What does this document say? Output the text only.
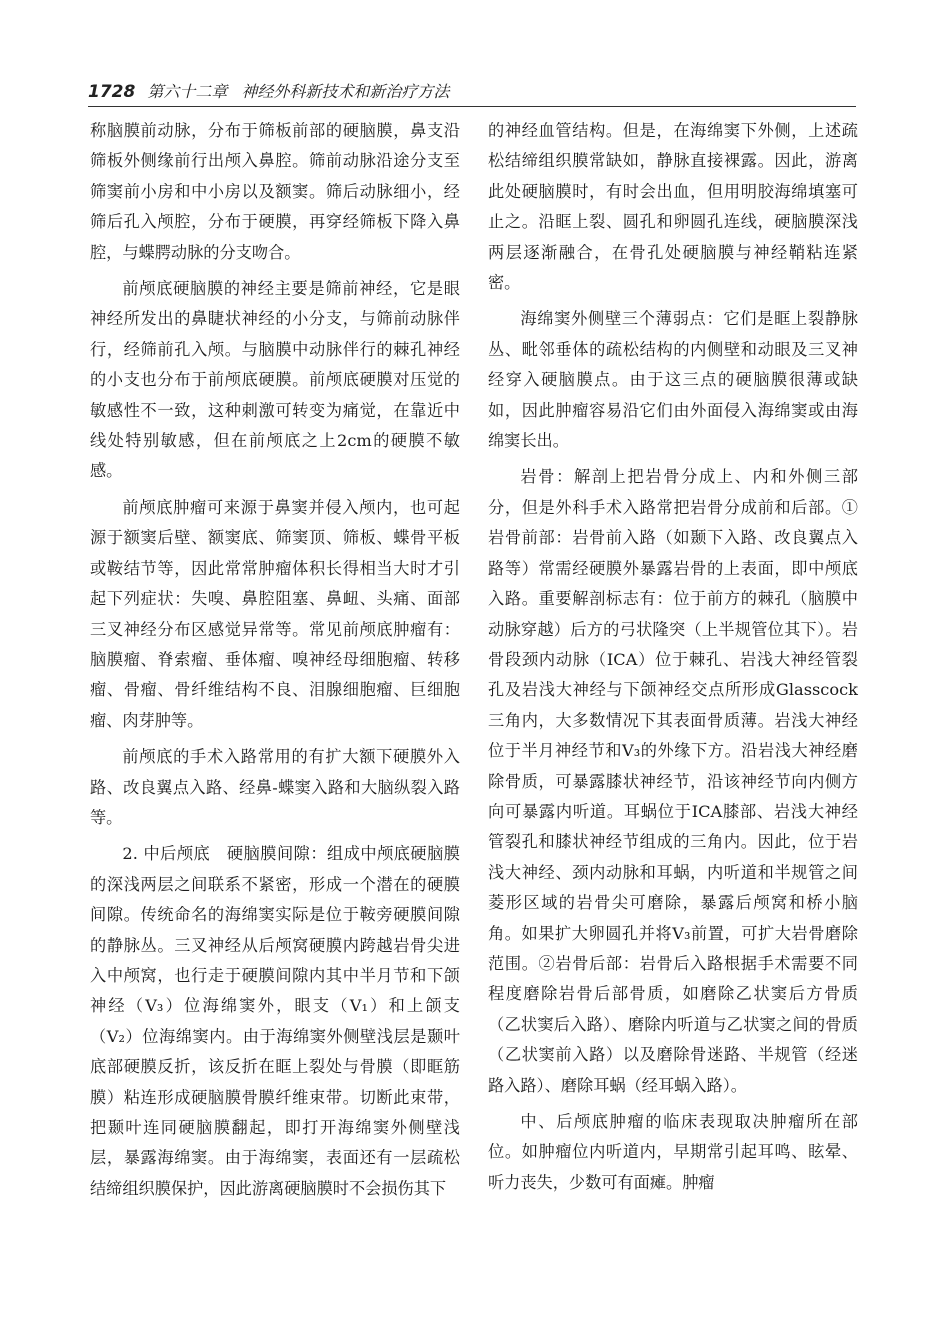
1728 第六十二章 神经外科新技术和新治疗方法

称脑膜前动脉，分布于筛板前部的硬脑膜，鼻支沿筛板外侧缘前行出颅入鼻腔。筛前动脉沿途分支至筛窦前小房和中小房以及额窦。筛后动脉细小，经筛后孔入颅腔，分布于硬膜，再穿经筛板下降入鼻腔，与蝶腭动脉的分支吻合。

前颅底硬脑膜的神经主要是筛前神经，它是眼神经所发出的鼻睫状神经的小分支，与筛前动脉伴行，经筛前孔入颅。与脑膜中动脉伴行的棘孔神经的小支也分布于前颅底硬膜。前颅底硬膜对压觉的敏感性不一致，这种刺激可转变为痛觉，在靠近中线处特别敏感，但在前颅底之上2cm的硬膜不敏感。

前颅底肿瘤可来源于鼻窦并侵入颅内，也可起源于额窦后壁、额窦底、筛窦顶、筛板、蝶骨平板或鞍结节等，因此常常肿瘤体积长得相当大时才引起下列症状：失嗅、鼻腔阻塞、鼻衄、头痛、面部三叉神经分布区感觉异常等。常见前颅底肿瘤有：脑膜瘤、脊索瘤、垂体瘤、嗅神经母细胞瘤、转移瘤、骨瘤、骨纤维结构不良、泪腺细胞瘤、巨细胞瘤、肉芽肿等。

前颅底的手术入路常用的有扩大额下硬膜外入路、改良翼点入路、经鼻-蝶窦入路和大脑纵裂入路等。

2. 中后颅底　硬脑膜间隙：组成中颅底硬脑膜的深浅两层之间联系不紧密，形成一个潜在的硬膜间隙。传统命名的海绵窦实际是位于鞍旁硬膜间隙的静脉丛。三叉神经从后颅窝硬膜内跨越岩骨尖进入中颅窝，也行走于硬膜间隙内其中半月节和下颌神经（V₃）位海绵窦外，眼支（V₁）和上颌支（V₂）位海绵窦内。由于海绵窦外侧壁浅层是颞叶底部硬膜反折，该反折在眶上裂处与骨膜（即眶筋膜）粘连形成硬脑膜骨膜纤维束带。切断此束带，把颞叶连同硬脑膜翻起，即打开海绵窦外侧壁浅层，暴露海绵窦。由于海绵窦，表面还有一层疏松结缔组织膜保护，因此游离硬脑膜时不会损伤其下

的神经血管结构。但是，在海绵窦下外侧，上述疏松结缔组织膜常缺如，静脉直接裸露。因此，游离此处硬脑膜时，有时会出血，但用明胶海绵填塞可止之。沿眶上裂、圆孔和卵圆孔连线，硬脑膜深浅两层逐渐融合，在骨孔处硬脑膜与神经鞘粘连紧密。

海绵窦外侧壁三个薄弱点：它们是眶上裂静脉丛、毗邻垂体的疏松结构的内侧壁和动眼及三叉神经穿入硬脑膜点。由于这三点的硬脑膜很薄或缺如，因此肿瘤容易沿它们由外面侵入海绵窦或由海绵窦长出。

岩骨：解剖上把岩骨分成上、内和外侧三部分，但是外科手术入路常把岩骨分成前和后部。①岩骨前部：岩骨前入路（如颞下入路、改良翼点入路等）常需经硬膜外暴露岩骨的上表面，即中颅底入路。重要解剖标志有：位于前方的棘孔（脑膜中动脉穿越）后方的弓状隆突（上半规管位其下）。岩骨段颈内动脉（ICA）位于棘孔、岩浅大神经管裂孔及岩浅大神经与下颌神经交点所形成Glasscock三角内，大多数情况下其表面骨质薄。岩浅大神经位于半月神经节和V₃的外缘下方。沿岩浅大神经磨除骨质，可暴露膝状神经节，沿该神经节向内侧方向可暴露内听道。耳蜗位于ICA膝部、岩浅大神经管裂孔和膝状神经节组成的三角内。因此，位于岩浅大神经、颈内动脉和耳蜗，内听道和半规管之间菱形区域的岩骨尖可磨除，暴露后颅窝和桥小脑角。如果扩大卵圆孔并将V₃前置，可扩大岩骨磨除范围。②岩骨后部：岩骨后入路根据手术需要不同程度磨除岩骨后部骨质，如磨除乙状窦后方骨质（乙状窦后入路）、磨除内听道与乙状窦之间的骨质（乙状窦前入路）以及磨除骨迷路、半规管（经迷路入路）、磨除耳蜗（经耳蜗入路）。

中、后颅底肿瘤的临床表现取决肿瘤所在部位。如肿瘤位内听道内，早期常引起耳鸣、眩晕、听力丧失，少数可有面瘫。肿瘤
